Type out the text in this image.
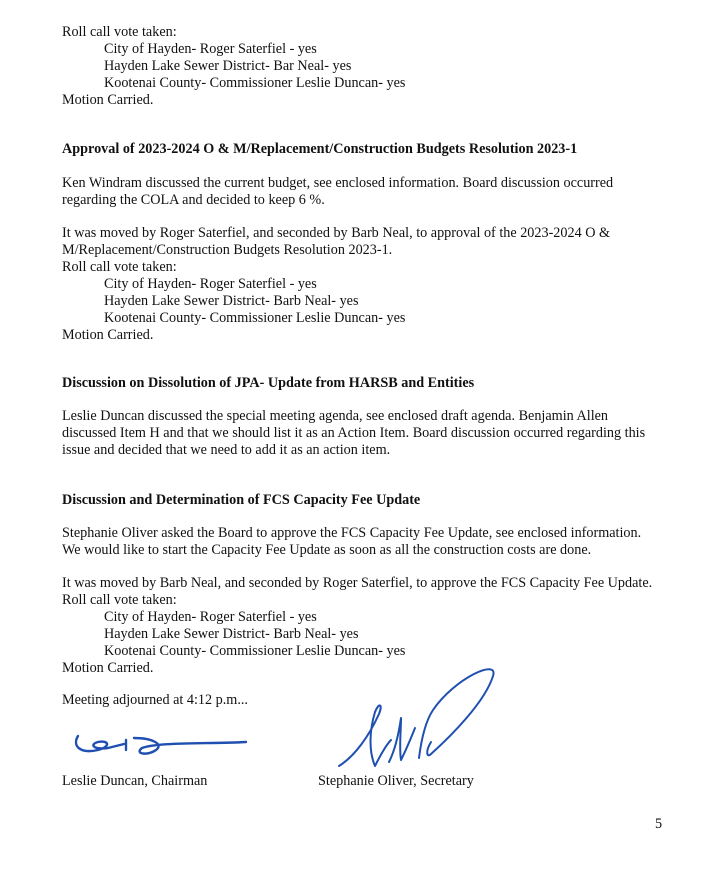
Roll call vote taken:
City of Hayden- Roger Saterfiel - yes
Hayden Lake Sewer District- Bar Neal- yes
Kootenai County- Commissioner Leslie Duncan- yes
Motion Carried.
Approval of 2023-2024 O & M/Replacement/Construction Budgets Resolution 2023-1
Ken Windram discussed the current budget, see enclosed information. Board discussion occurred
regarding the COLA and decided to keep 6 %.
It was moved by Roger Saterfiel, and seconded by Barb Neal, to approval of the 2023-2024 O &
M/Replacement/Construction Budgets Resolution 2023-1.
Roll call vote taken:
City of Hayden- Roger Saterfiel - yes
Hayden Lake Sewer District- Barb Neal- yes
Kootenai County- Commissioner Leslie Duncan- yes
Motion Carried.
Discussion on Dissolution of JPA- Update from HARSB and Entities
Leslie Duncan discussed the special meeting agenda, see enclosed draft agenda. Benjamin Allen
discussed Item H and that we should list it as an Action Item. Board discussion occurred regarding this
issue and decided that we need to add it as an action item.
Discussion and Determination of FCS Capacity Fee Update
Stephanie Oliver asked the Board to approve the FCS Capacity Fee Update, see enclosed information.
We would like to start the Capacity Fee Update as soon as all the construction costs are done.
It was moved by Barb Neal, and seconded by Roger Saterfiel, to approve the FCS Capacity Fee Update.
Roll call vote taken:
City of Hayden- Roger Saterfiel - yes
Hayden Lake Sewer District- Barb Neal- yes
Kootenai County- Commissioner Leslie Duncan- yes
Motion Carried.
Meeting adjourned at 4:12 p.m...
Leslie Duncan, Chairman	Stephanie Oliver, Secretary
5
